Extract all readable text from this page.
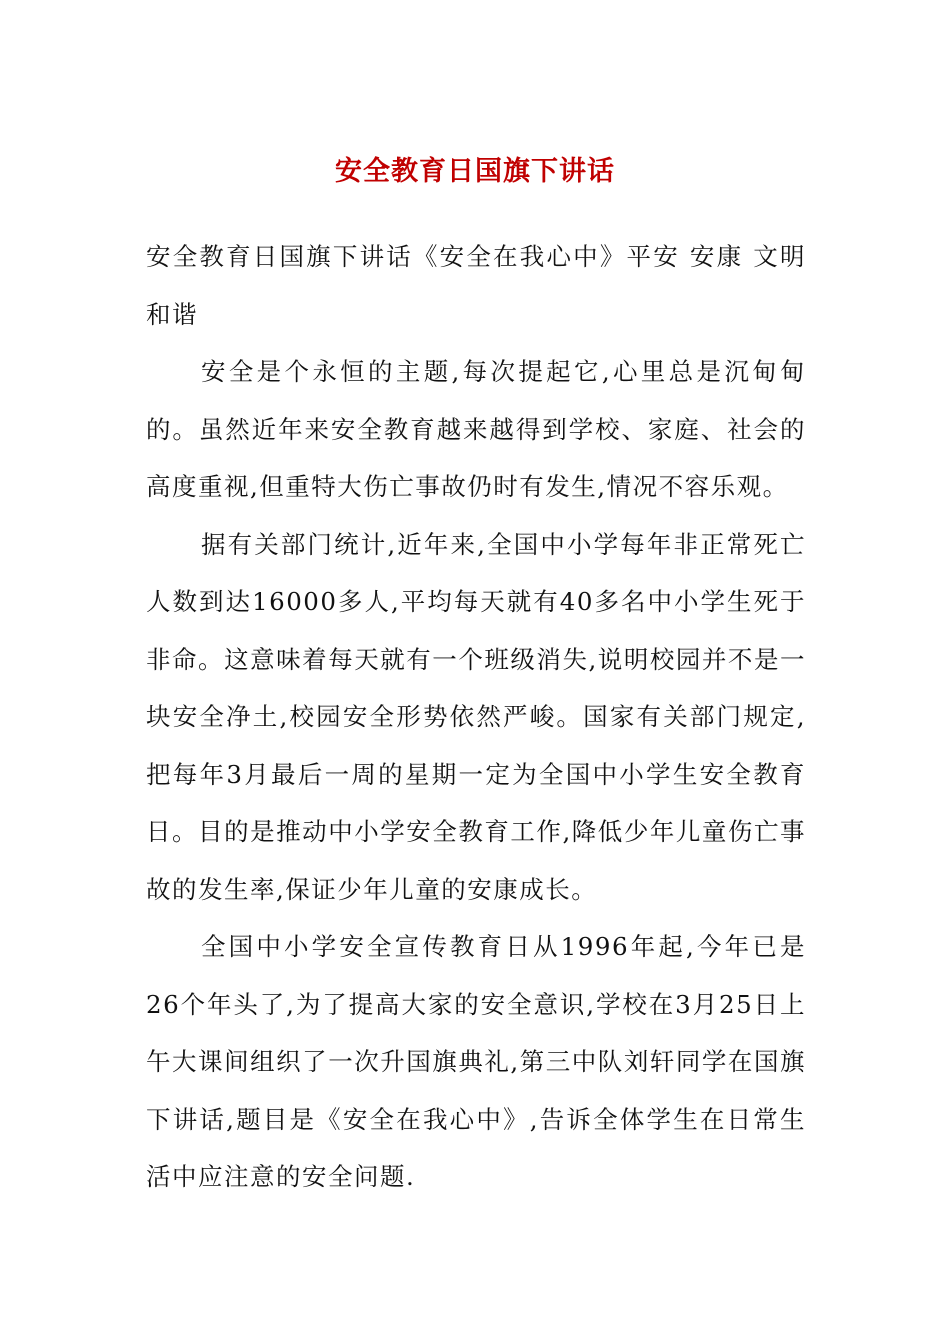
安全教育日国旗下讲话

安全教育日国旗下讲话《安全在我心中》平安 安康 文明和谐

安全是个永恒的主题,每次提起它,心里总是沉甸甸的。虽然近年来安全教育越来越得到学校、家庭、社会的高度重视,但重特大伤亡事故仍时有发生,情况不容乐观。

据有关部门统计,近年来,全国中小学每年非正常死亡人数到达16000多人,平均每天就有40多名中小学生死于非命。这意味着每天就有一个班级消失,说明校园并不是一块安全净土,校园安全形势依然严峻。国家有关部门规定,把每年3月最后一周的星期一定为全国中小学生安全教育日。目的是推动中小学安全教育工作,降低少年儿童伤亡事故的发生率,保证少年儿童的安康成长。

全国中小学安全宣传教育日从1996年起,今年已是26个年头了,为了提高大家的安全意识,学校在3月25日上午大课间组织了一次升国旗典礼,第三中队刘轩同学在国旗下讲话,题目是《安全在我心中》,告诉全体学生在日常生活中应注意的安全问题.
